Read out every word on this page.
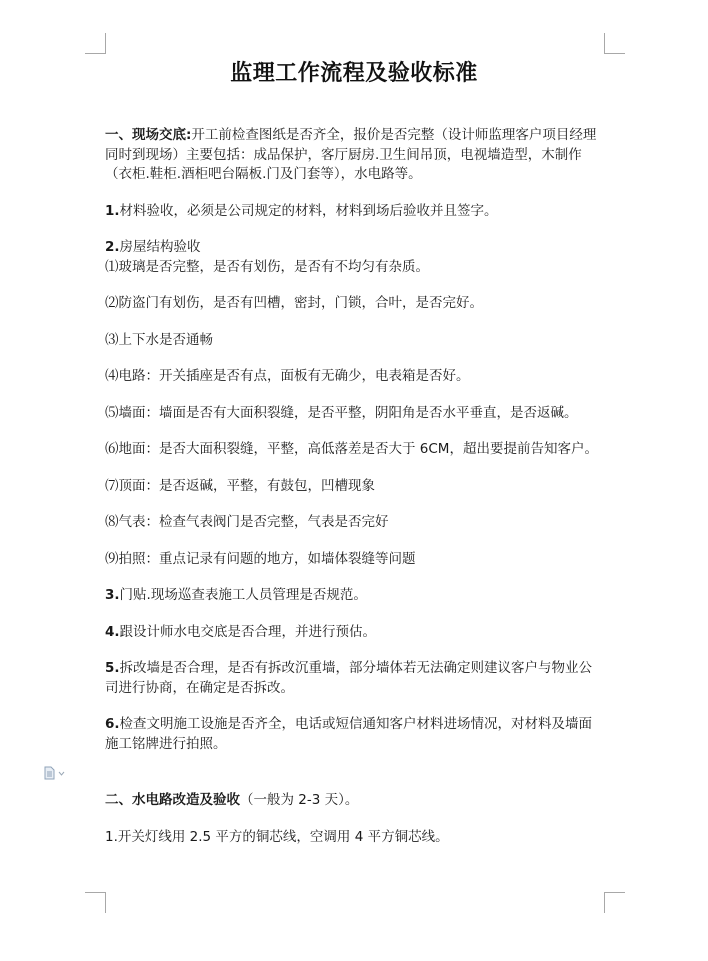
监理工作流程及验收标准

一、现场交底:开工前检查图纸是否齐全，报价是否完整（设计师监理客户项目经理同时到现场）主要包括：成品保护，客厅厨房.卫生间吊顶，电视墙造型，木制作（衣柜.鞋柜.酒柜吧台隔板.门及门套等），水电路等。

1.材料验收，必须是公司规定的材料，材料到场后验收并且签字。

2.房屋结构验收

⑴玻璃是否完整，是否有划伤，是否有不均匀有杂质。

⑵防盗门有划伤，是否有凹槽，密封，门锁，合叶，是否完好。

⑶上下水是否通畅

⑷电路：开关插座是否有点，面板有无确少，电表箱是否好。

⑸墙面：墙面是否有大面积裂缝，是否平整，阴阳角是否水平垂直，是否返碱。

⑹地面：是否大面积裂缝，平整，高低落差是否大于 6CM，超出要提前告知客户。

⑺顶面：是否返碱，平整，有鼓包，凹槽现象

⑻气表：检查气表阀门是否完整，气表是否完好

⑼拍照：重点记录有问题的地方，如墙体裂缝等问题

3.门贴.现场巡查表施工人员管理是否规范。

4.跟设计师水电交底是否合理，并进行预估。

5.拆改墙是否合理，是否有拆改沉重墙，部分墙体若无法确定则建议客户与物业公司进行协商，在确定是否拆改。

6.检查文明施工设施是否齐全，电话或短信通知客户材料进场情况，对材料及墙面施工铭牌进行拍照。

二、水电路改造及验收（一般为 2-3 天）。

1.开关灯线用 2.5 平方的铜芯线，空调用 4 平方铜芯线。
